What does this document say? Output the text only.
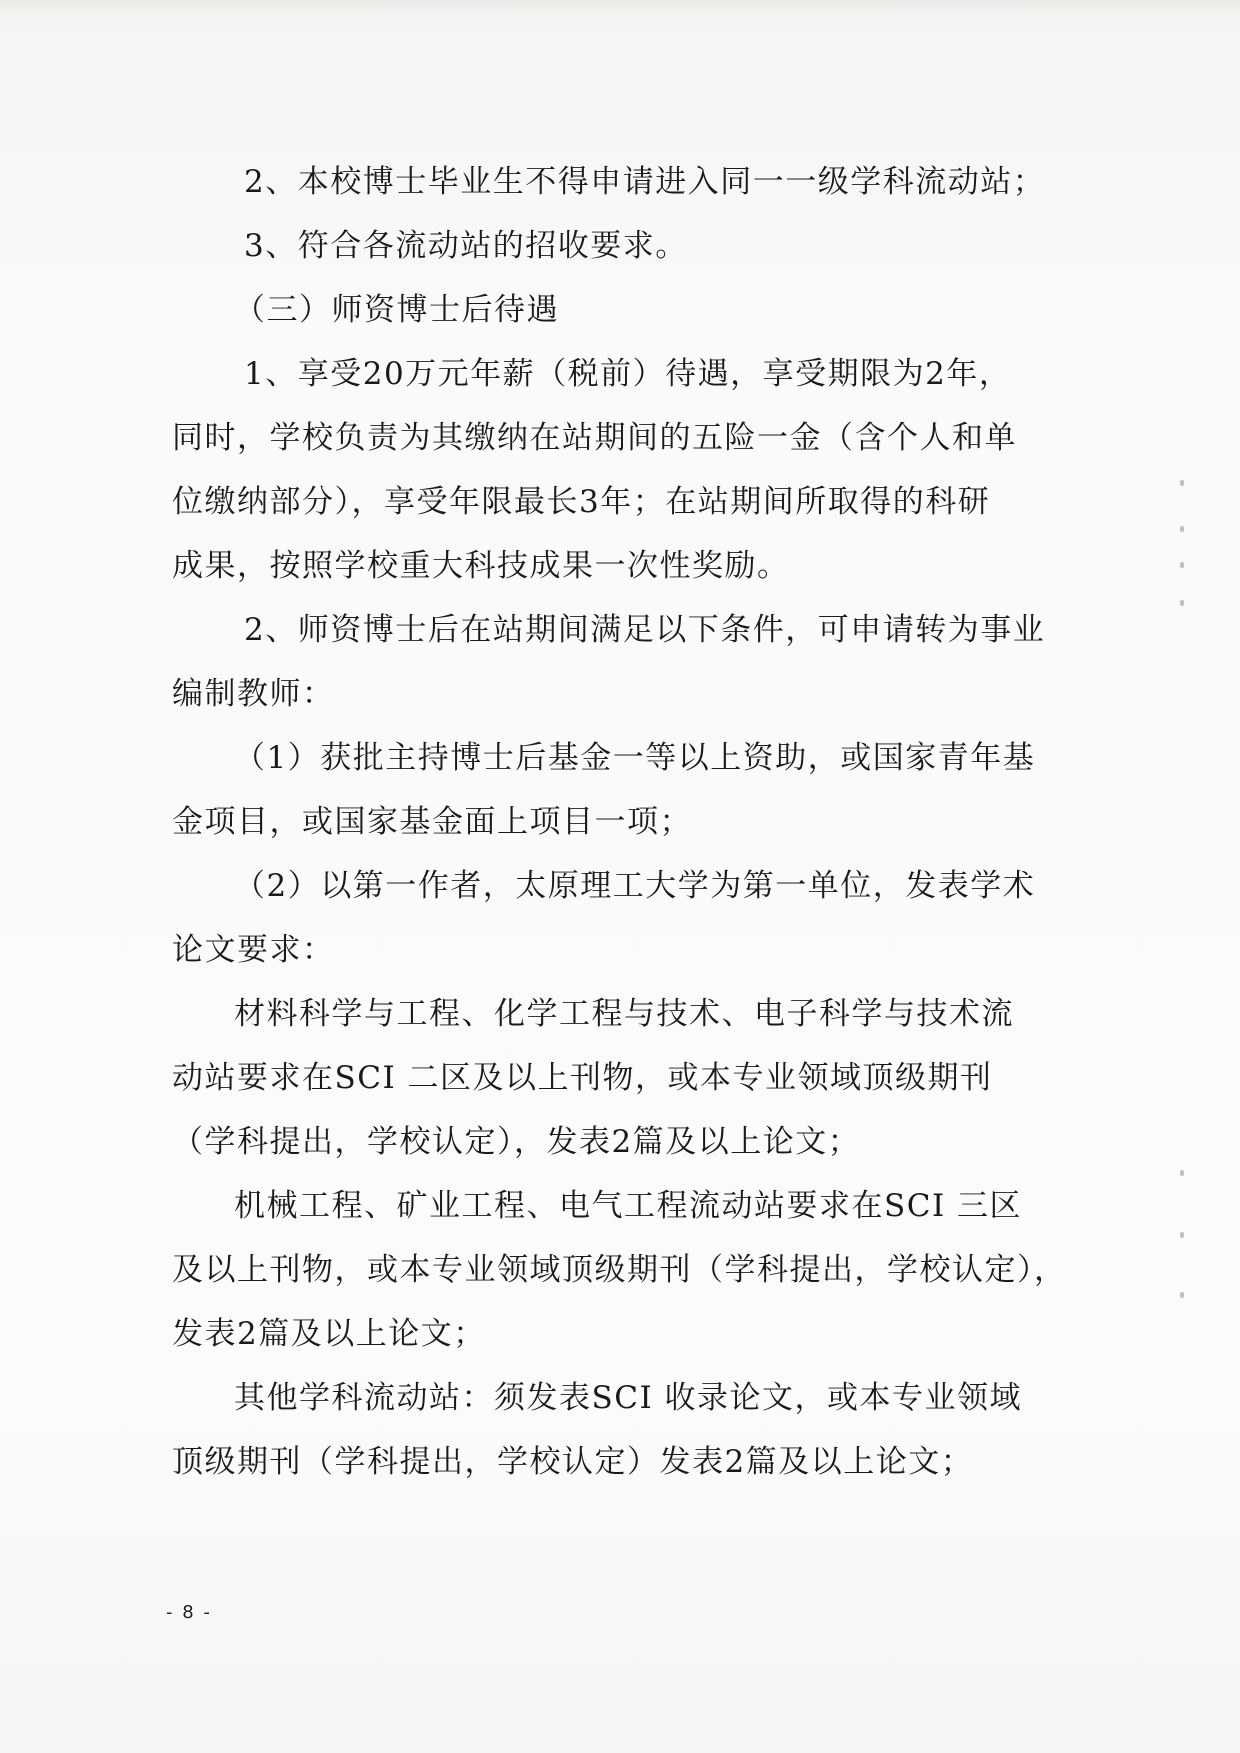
2、本校博士毕业生不得申请进入同一一级学科流动站；
3、符合各流动站的招收要求。
（三）师资博士后待遇
1、享受20万元年薪（税前）待遇，享受期限为2年，
同时，学校负责为其缴纳在站期间的五险一金（含个人和单
位缴纳部分），享受年限最长3年；在站期间所取得的科研
成果，按照学校重大科技成果一次性奖励。
2、师资博士后在站期间满足以下条件，可申请转为事业
编制教师：
（1）获批主持博士后基金一等以上资助，或国家青年基
金项目，或国家基金面上项目一项；
（2）以第一作者，太原理工大学为第一单位，发表学术
论文要求：
材料科学与工程、化学工程与技术、电子科学与技术流
动站要求在SCI 二区及以上刊物，或本专业领域顶级期刊
（学科提出，学校认定），发表2篇及以上论文；
机械工程、矿业工程、电气工程流动站要求在SCI 三区
及以上刊物，或本专业领域顶级期刊（学科提出，学校认定），
发表2篇及以上论文；
其他学科流动站：须发表SCI 收录论文，或本专业领域
顶级期刊（学科提出，学校认定）发表2篇及以上论文；
- 8 -
